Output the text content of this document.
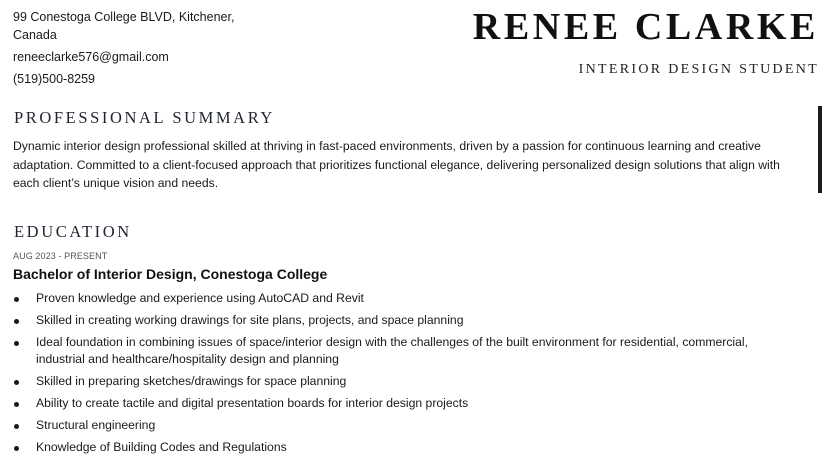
99 Conestoga College BLVD, Kitchener,
Canada
reneeclarke576@gmail.com
(519)500-8259
RENEE CLARKE
INTERIOR DESIGN STUDENT
PROFESSIONAL SUMMARY
Dynamic interior design professional skilled at thriving in fast-paced environments, driven by a passion for continuous learning and creative adaptation. Committed to a client-focused approach that prioritizes functional elegance, delivering personalized design solutions that align with each client’s unique vision and needs.
EDUCATION
AUG 2023 - PRESENT
Bachelor of Interior Design, Conestoga College
Proven knowledge and experience using AutoCAD and Revit
Skilled in creating working drawings for site plans, projects, and space planning
Ideal foundation in combining issues of space/interior design with the challenges of the built environment for residential, commercial, industrial and healthcare/hospitality design and planning
Skilled in preparing sketches/drawings for space planning
Ability to create tactile and digital presentation boards for interior design projects
Structural engineering
Knowledge of Building Codes and Regulations
